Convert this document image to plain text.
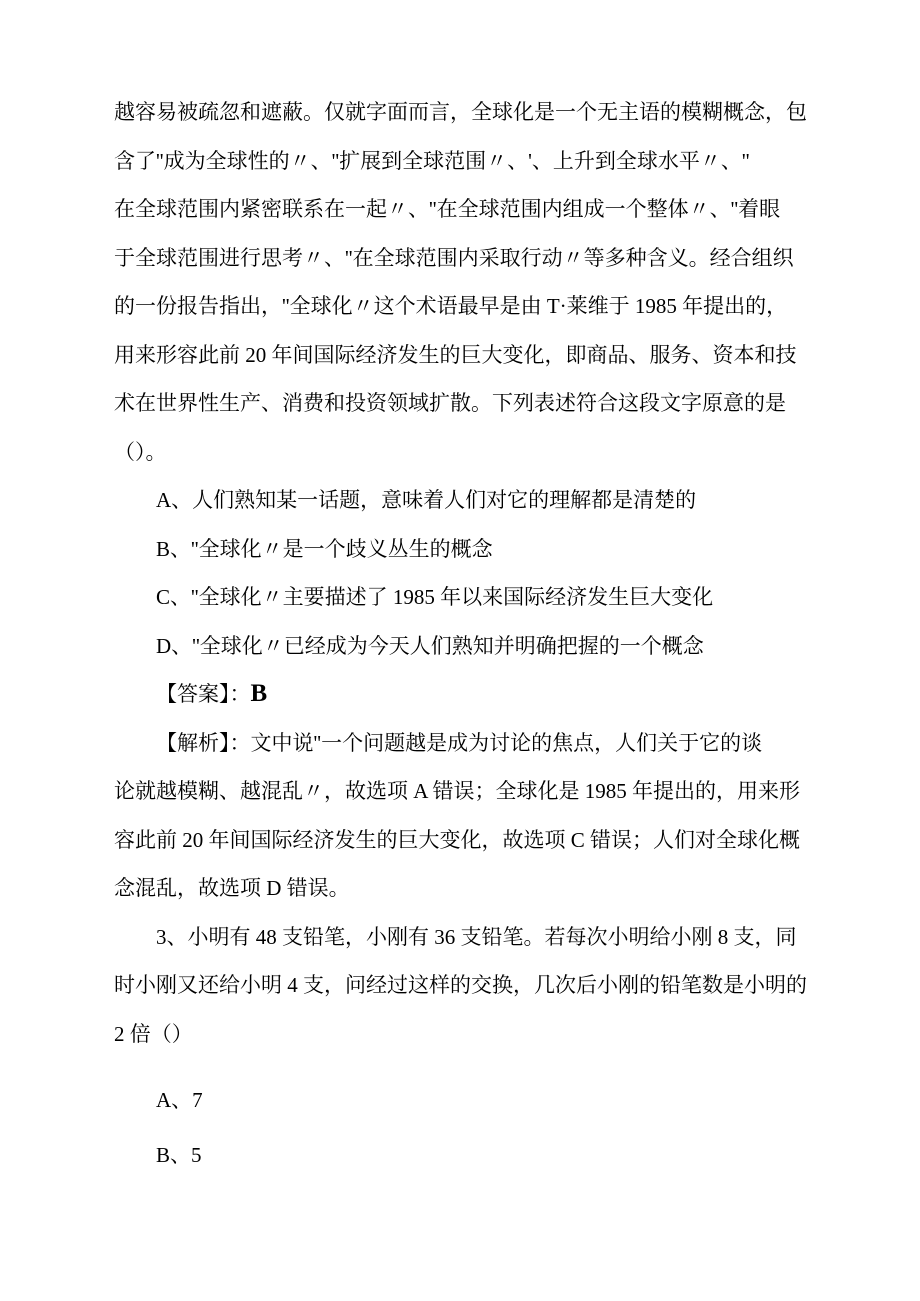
越容易被疏忽和遮蔽。仅就字面而言，全球化是一个无主语的模糊概念，包
含了''成为全球性的〃、''扩展到全球范围〃、'、上升到全球水平〃、''
在全球范围内紧密联系在一起〃、''在全球范围内组成一个整体〃、''着眼
于全球范围进行思考〃、''在全球范围内采取行动〃等多种含义。经合组织
的一份报告指出，''全球化〃这个术语最早是由 T·莱维于 1985 年提出的，
用来形容此前 20 年间国际经济发生的巨大变化，即商品、服务、资本和技
术在世界性生产、消费和投资领域扩散。下列表述符合这段文字原意的是
（）。
A、人们熟知某一话题，意味着人们对它的理解都是清楚的
B、''全球化〃是一个歧义丛生的概念
C、''全球化〃主要描述了 1985 年以来国际经济发生巨大变化
D、''全球化〃已经成为今天人们熟知并明确把握的一个概念
【答案】：B
【解析】：文中说''一个问题越是成为讨论的焦点，人们关于它的谈
论就越模糊、越混乱〃，故选项 A 错误；全球化是 1985 年提出的，用来形
容此前 20 年间国际经济发生的巨大变化，故选项 C 错误；人们对全球化概
念混乱，故选项 D 错误。
3、小明有 48 支铅笔，小刚有 36 支铅笔。若每次小明给小刚 8 支，同
时小刚又还给小明 4 支，问经过这样的交换，几次后小刚的铅笔数是小明的
2 倍（）
A、7
B、5
